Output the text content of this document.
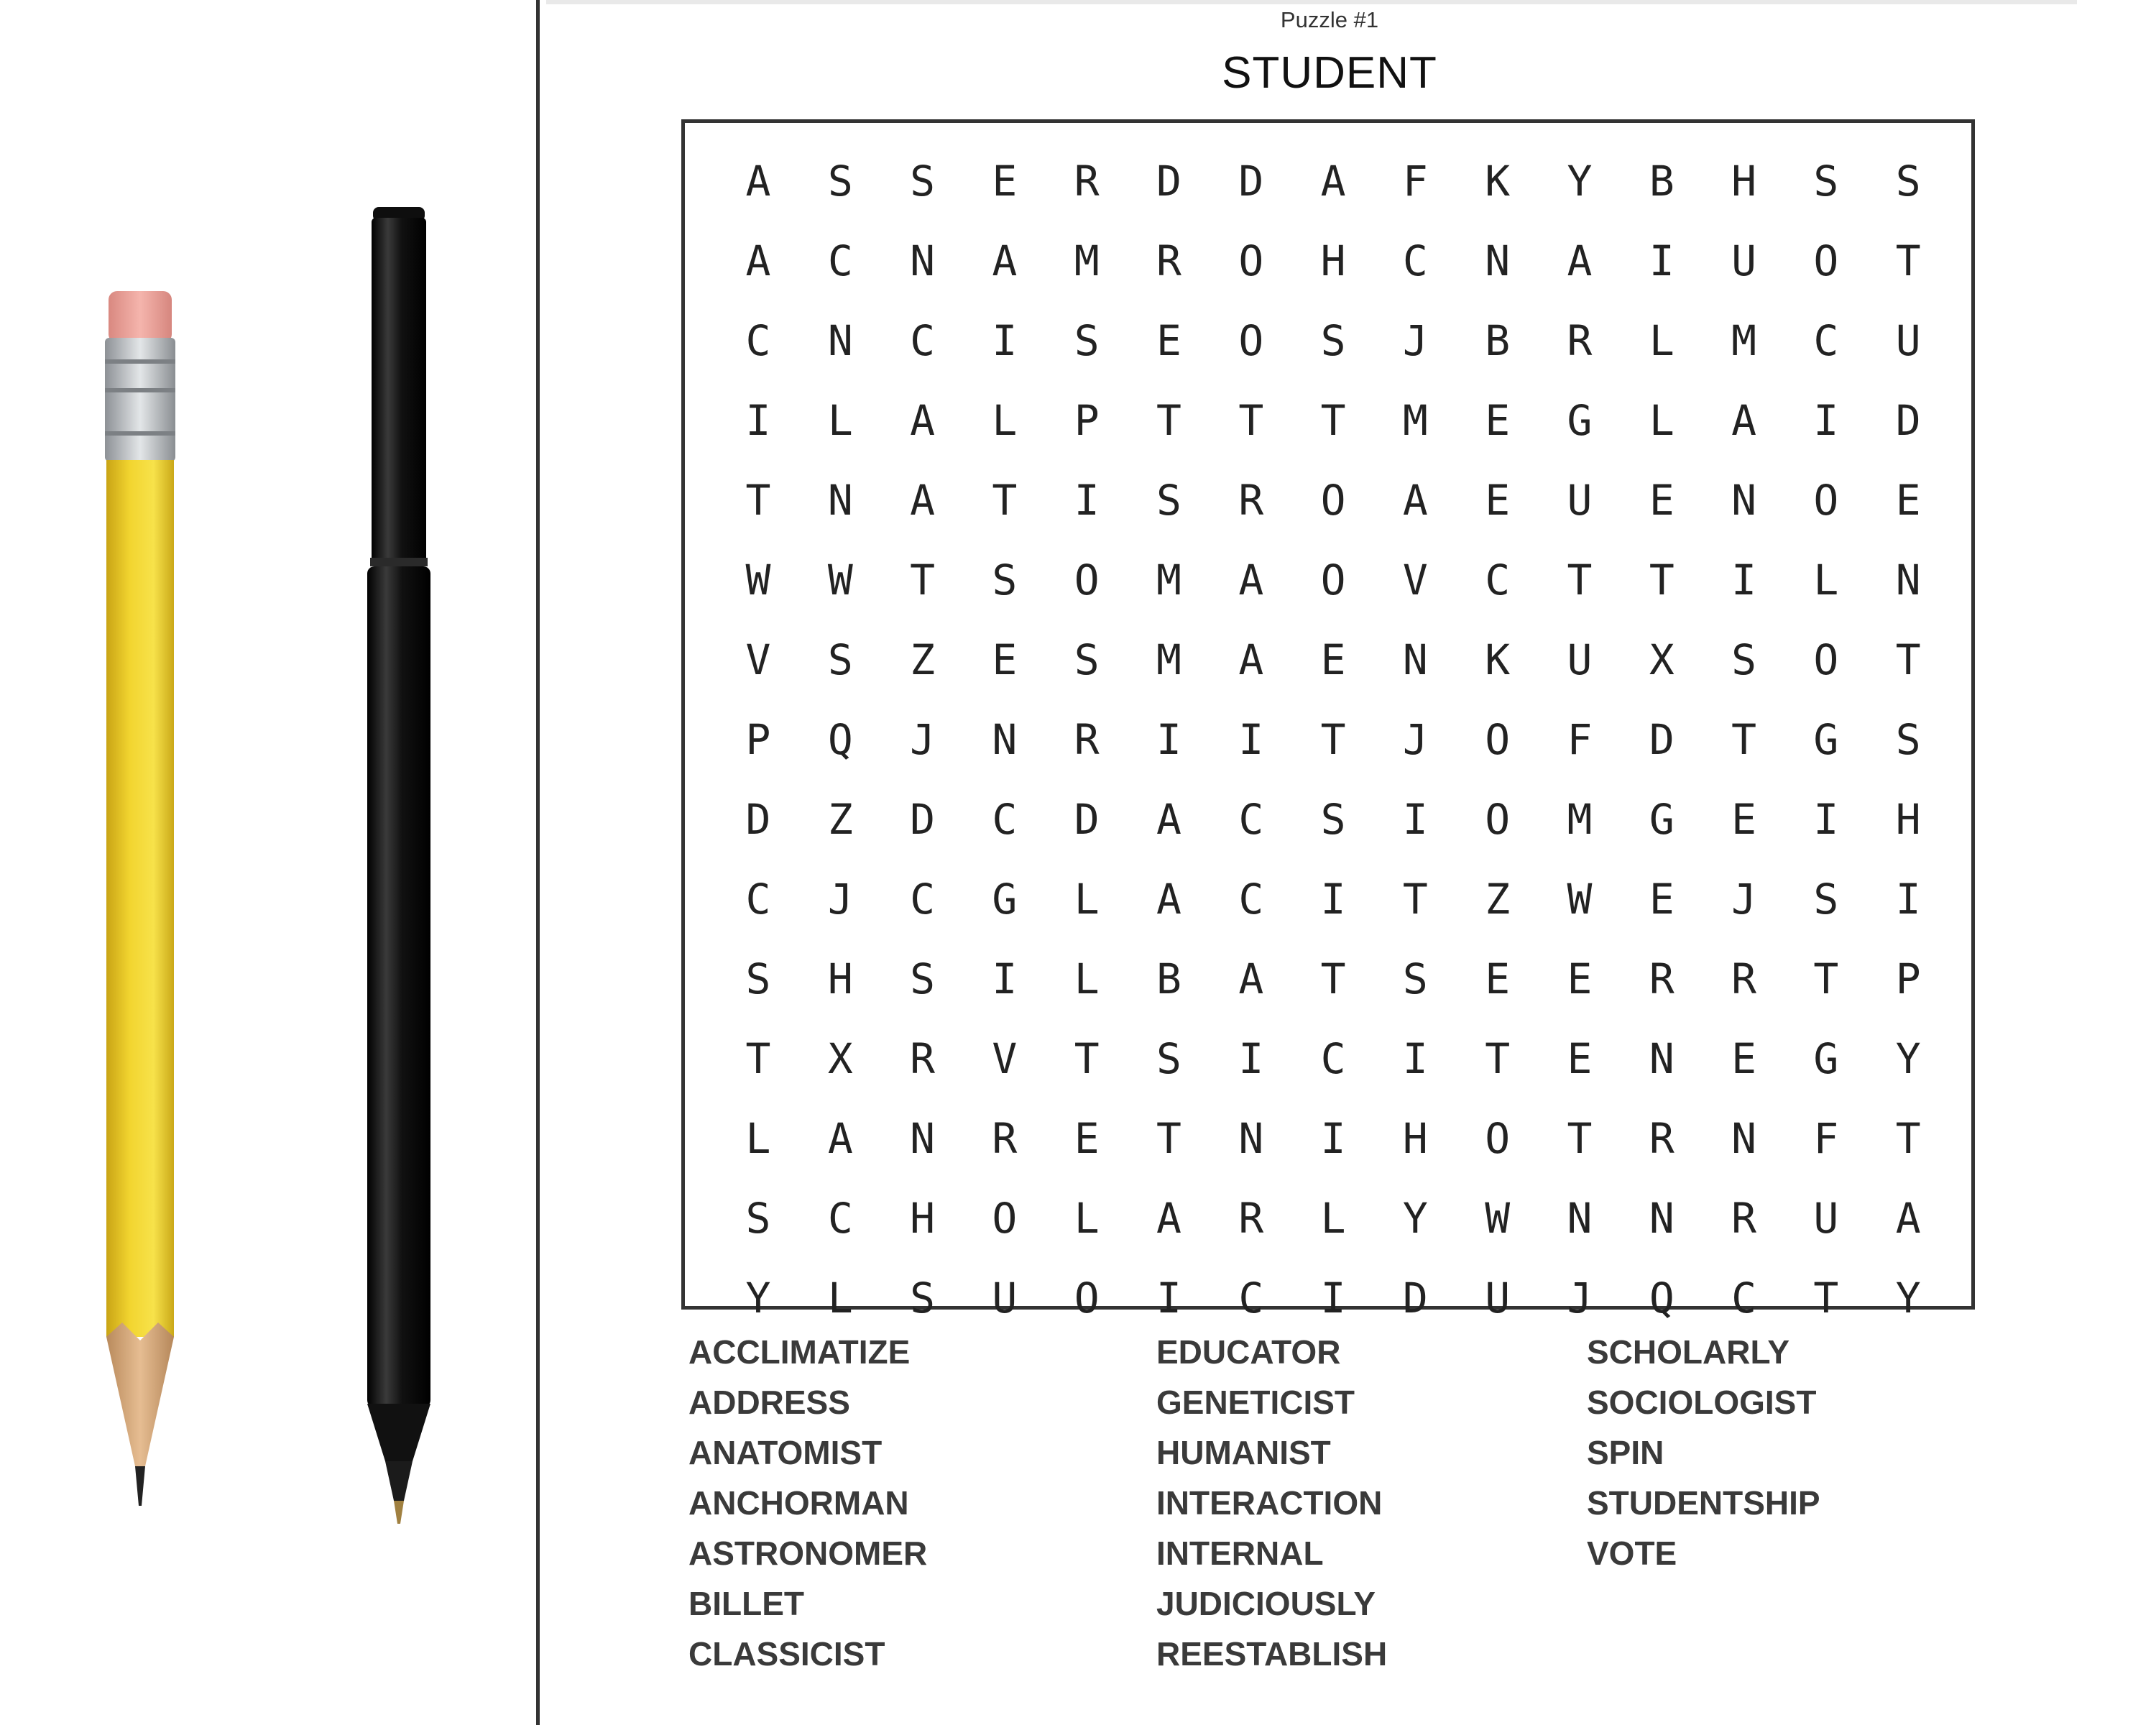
Puzzle #1
STUDENT
A	S	S	E	R	D	D	A	F	K	Y	B	H	S	S
A	C	N	A	M	R	O	H	C	N	A	I	U	O	T
C	N	C	I	S	E	O	S	J	B	R	L	M	C	U
I	L	A	L	P	T	T	T	M	E	G	L	A	I	D
T	N	A	T	I	S	R	O	A	E	U	E	N	O	E
W	W	T	S	O	M	A	O	V	C	T	T	I	L	N
V	S	Z	E	S	M	A	E	N	K	U	X	S	O	T
P	Q	J	N	R	I	I	T	J	O	F	D	T	G	S
D	Z	D	C	D	A	C	S	I	O	M	G	E	I	H
C	J	C	G	L	A	C	I	T	Z	W	E	J	S	I
S	H	S	I	L	B	A	T	S	E	E	R	R	T	P
T	X	R	V	T	S	I	C	I	T	E	N	E	G	Y
L	A	N	R	E	T	N	I	H	O	T	R	N	F	T
S	C	H	O	L	A	R	L	Y	W	N	N	R	U	A
Y	L	S	U	O	I	C	I	D	U	J	Q	C	T	Y
ACCLIMATIZE
ADDRESS
ANATOMIST
ANCHORMAN
ASTRONOMER
BILLET
CLASSICIST
EDUCATOR
GENETICIST
HUMANIST
INTERACTION
INTERNAL
JUDICIOUSLY
REESTABLISH
SCHOLARLY
SOCIOLOGIST
SPIN
STUDENTSHIP
VOTE
